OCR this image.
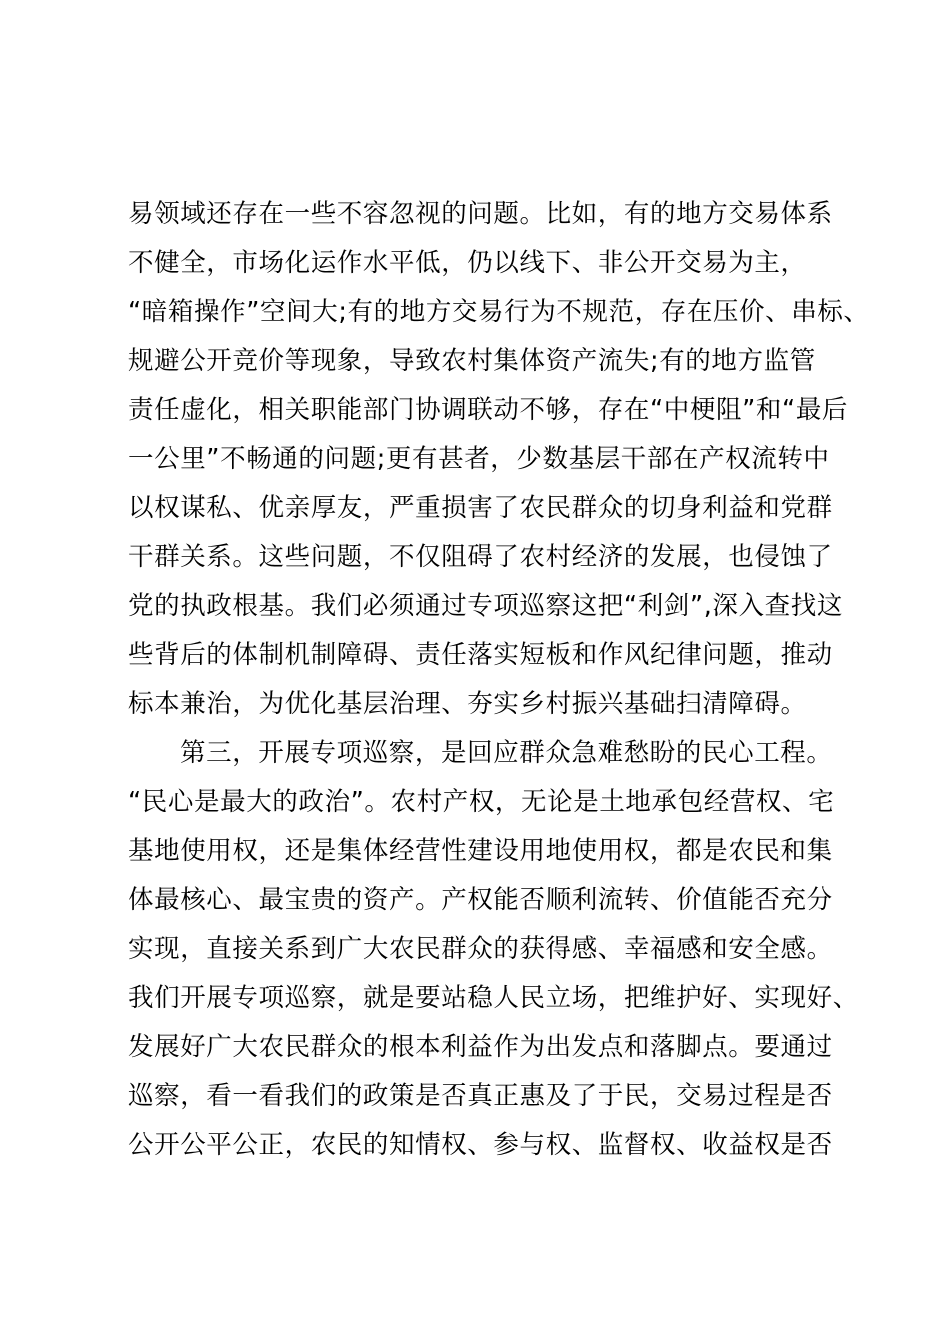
易领域还存在一些不容忽视的问题。比如，有的地方交易体系
不健全，市场化运作水平低，仍以线下、非公开交易为主，
“暗箱操作”空间大;有的地方交易行为不规范，存在压价、串标、
规避公开竞价等现象，导致农村集体资产流失;有的地方监管
责任虚化，相关职能部门协调联动不够，存在“中梗阻”和“最后
一公里”不畅通的问题;更有甚者，少数基层干部在产权流转中
以权谋私、优亲厚友，严重损害了农民群众的切身利益和党群
干群关系。这些问题，不仅阻碍了农村经济的发展，也侵蚀了
党的执政根基。我们必须通过专项巡察这把“利剑”,深入查找这
些背后的体制机制障碍、责任落实短板和作风纪律问题，推动
标本兼治，为优化基层治理、夯实乡村振兴基础扫清障碍。
第三，开展专项巡察，是回应群众急难愁盼的民心工程。
“民心是最大的政治”。农村产权，无论是土地承包经营权、宅
基地使用权，还是集体经营性建设用地使用权，都是农民和集
体最核心、最宝贵的资产。产权能否顺利流转、价值能否充分
实现，直接关系到广大农民群众的获得感、幸福感和安全感。
我们开展专项巡察，就是要站稳人民立场，把维护好、实现好、
发展好广大农民群众的根本利益作为出发点和落脚点。要通过
巡察，看一看我们的政策是否真正惠及了于民，交易过程是否
公开公平公正，农民的知情权、参与权、监督权、收益权是否
